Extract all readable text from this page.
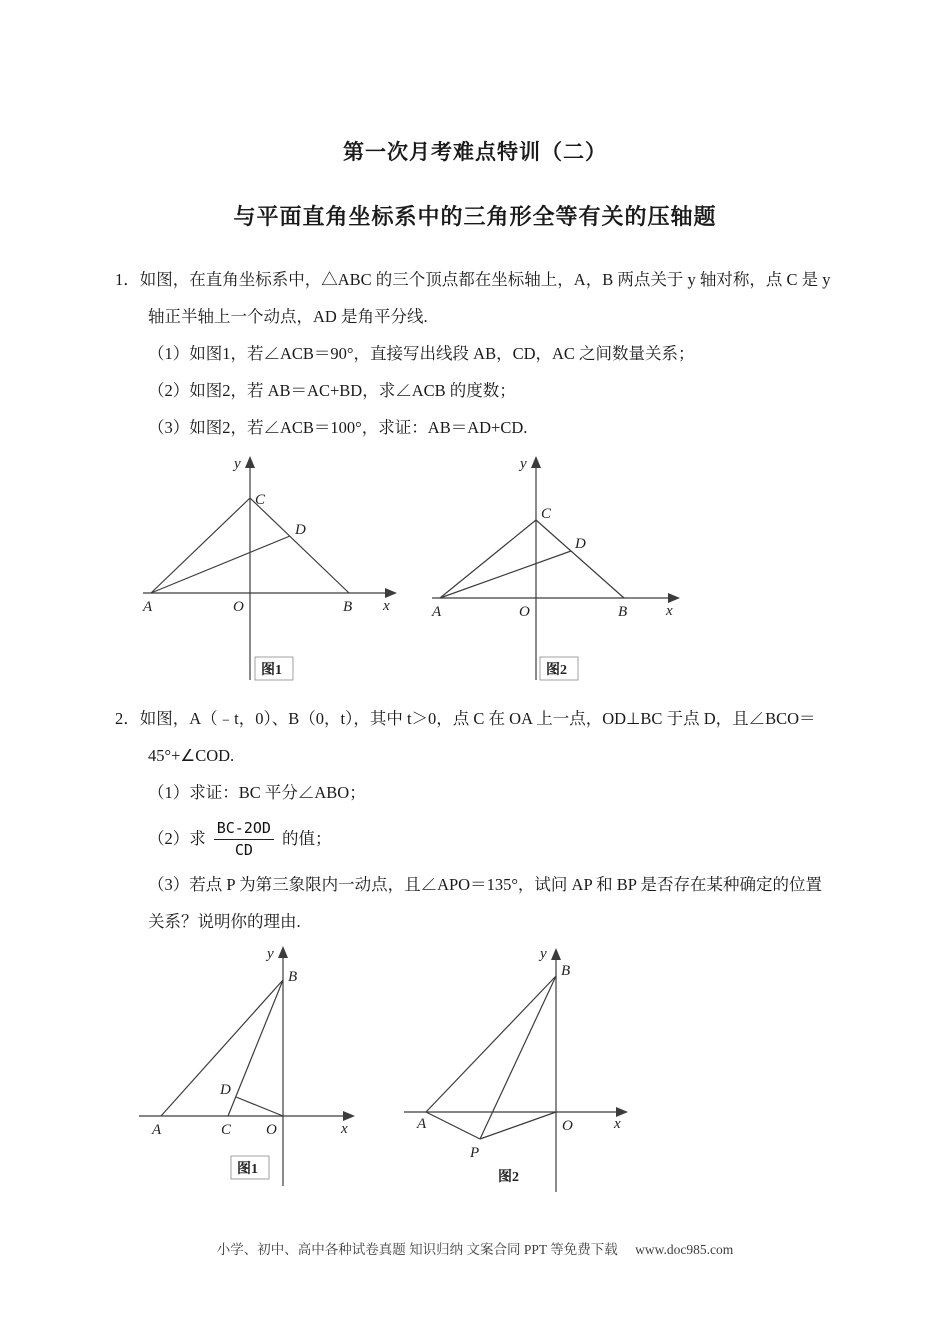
第一次月考难点特训（二）
与平面直角坐标系中的三角形全等有关的压轴题
1．如图，在直角坐标系中，△ABC 的三个顶点都在坐标轴上，A，B 两点关于 y 轴对称，点 C 是 y
轴正半轴上一个动点，AD 是角平分线.
（1）如图1，若∠ACB＝90°，直接写出线段 AB，CD，AC 之间数量关系；
（2）如图2，若 AB＝AC+BD，求∠ACB 的度数；
（3）如图2，若∠ACB＝100°，求证：AB＝AD+CD.
y
C
D
A	O	B x
图1
y
C
D
A	O	B	x
图2
2．如图，A（﹣t，0）、B（0，t），其中 t＞0，点 C 在 OA 上一点，OD⊥BC 于点 D，且∠BCO＝
45°+∠COD.
（1）求证：BC 平分∠ABO；
（2）求 $\frac{BC-2OD}{CD}$ 的值；
（3）若点 P 为第三象限内一动点，且∠APO＝135°，试问 AP 和 BP 是否存在某种确定的位置
关系？说明你的理由.
y
B
D
A	C O	x
图1
y
B
A	O
P
x
图2
小学、初中、高中各种试卷真题 知识归纳 文案合同 PPT 等免费下载 www.doc985.com
